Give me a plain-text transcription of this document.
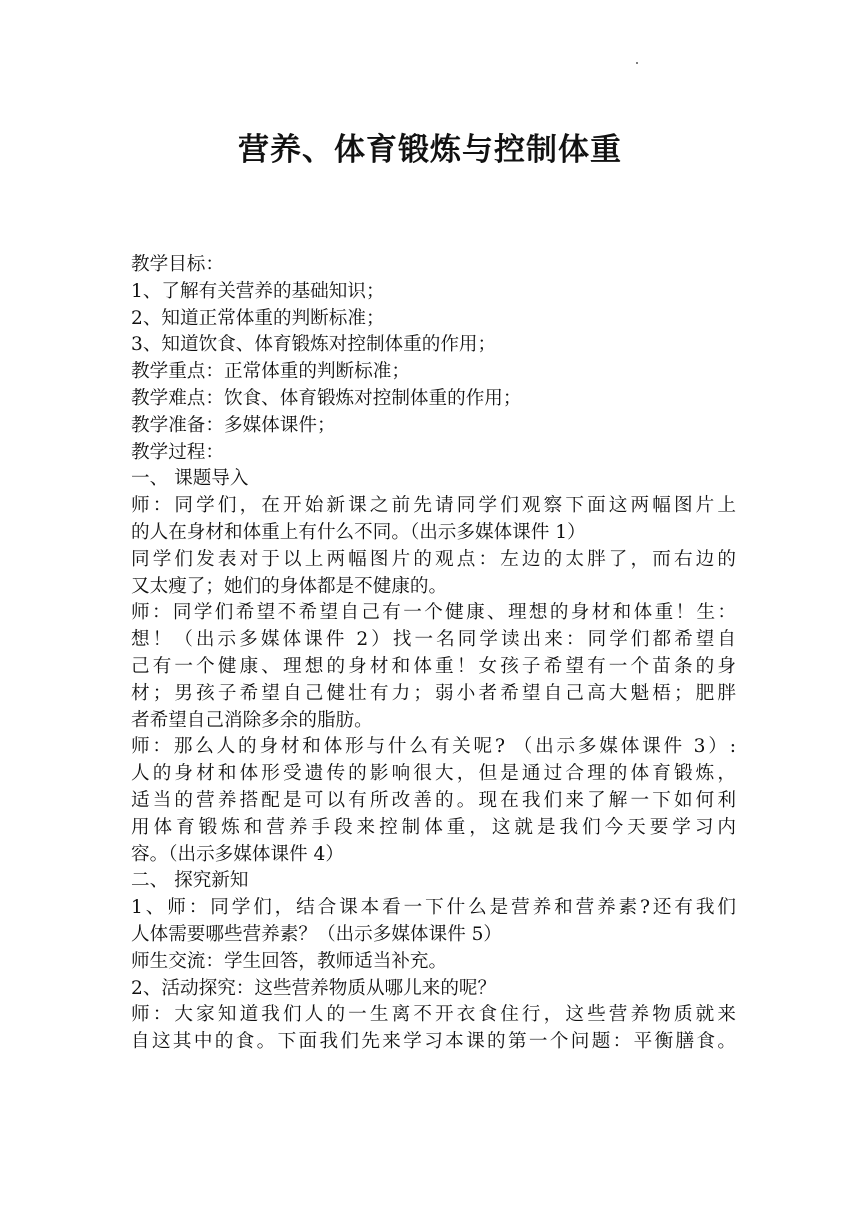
营养、体育锻炼与控制体重
教学目标：
1、了解有关营养的基础知识；
2、知道正常体重的判断标准；
3、知道饮食、体育锻炼对控制体重的作用；
教学重点：正常体重的判断标准；
教学难点：饮食、体育锻炼对控制体重的作用；
教学准备：多媒体课件；
教学过程：
一、 课题导入
师：同学们，在开始新课之前先请同学们观察下面这两幅图片上
的人在身材和体重上有什么不同。（出示多媒体课件 1）
同学们发表对于以上两幅图片的观点：左边的太胖了，而右边的
又太瘦了；她们的身体都是不健康的。
师：同学们希望不希望自己有一个健康、理想的身材和体重！生：
想！（出示多媒体课件 2）找一名同学读出来：同学们都希望自
己有一个健康、理想的身材和体重！女孩子希望有一个苗条的身
材；男孩子希望自己健壮有力；弱小者希望自己高大魁梧；肥胖
者希望自己消除多余的脂肪。
师：那么人的身材和体形与什么有关呢? （出示多媒体课件 3）:
人的身材和体形受遗传的影响很大，但是通过合理的体育锻炼，
适当的营养搭配是可以有所改善的。现在我们来了解一下如何利
用体育锻炼和营养手段来控制体重，这就是我们今天要学习内
容。（出示多媒体课件 4）
二、 探究新知
1、师：同学们，结合课本看一下什么是营养和营养素?还有我们
人体需要哪些营养素？（出示多媒体课件 5）
师生交流：学生回答，教师适当补充。
2、活动探究：这些营养物质从哪儿来的呢？
师：大家知道我们人的一生离不开衣食住行，这些营养物质就来
自这其中的食。下面我们先来学习本课的第一个问题：平衡膳食。
